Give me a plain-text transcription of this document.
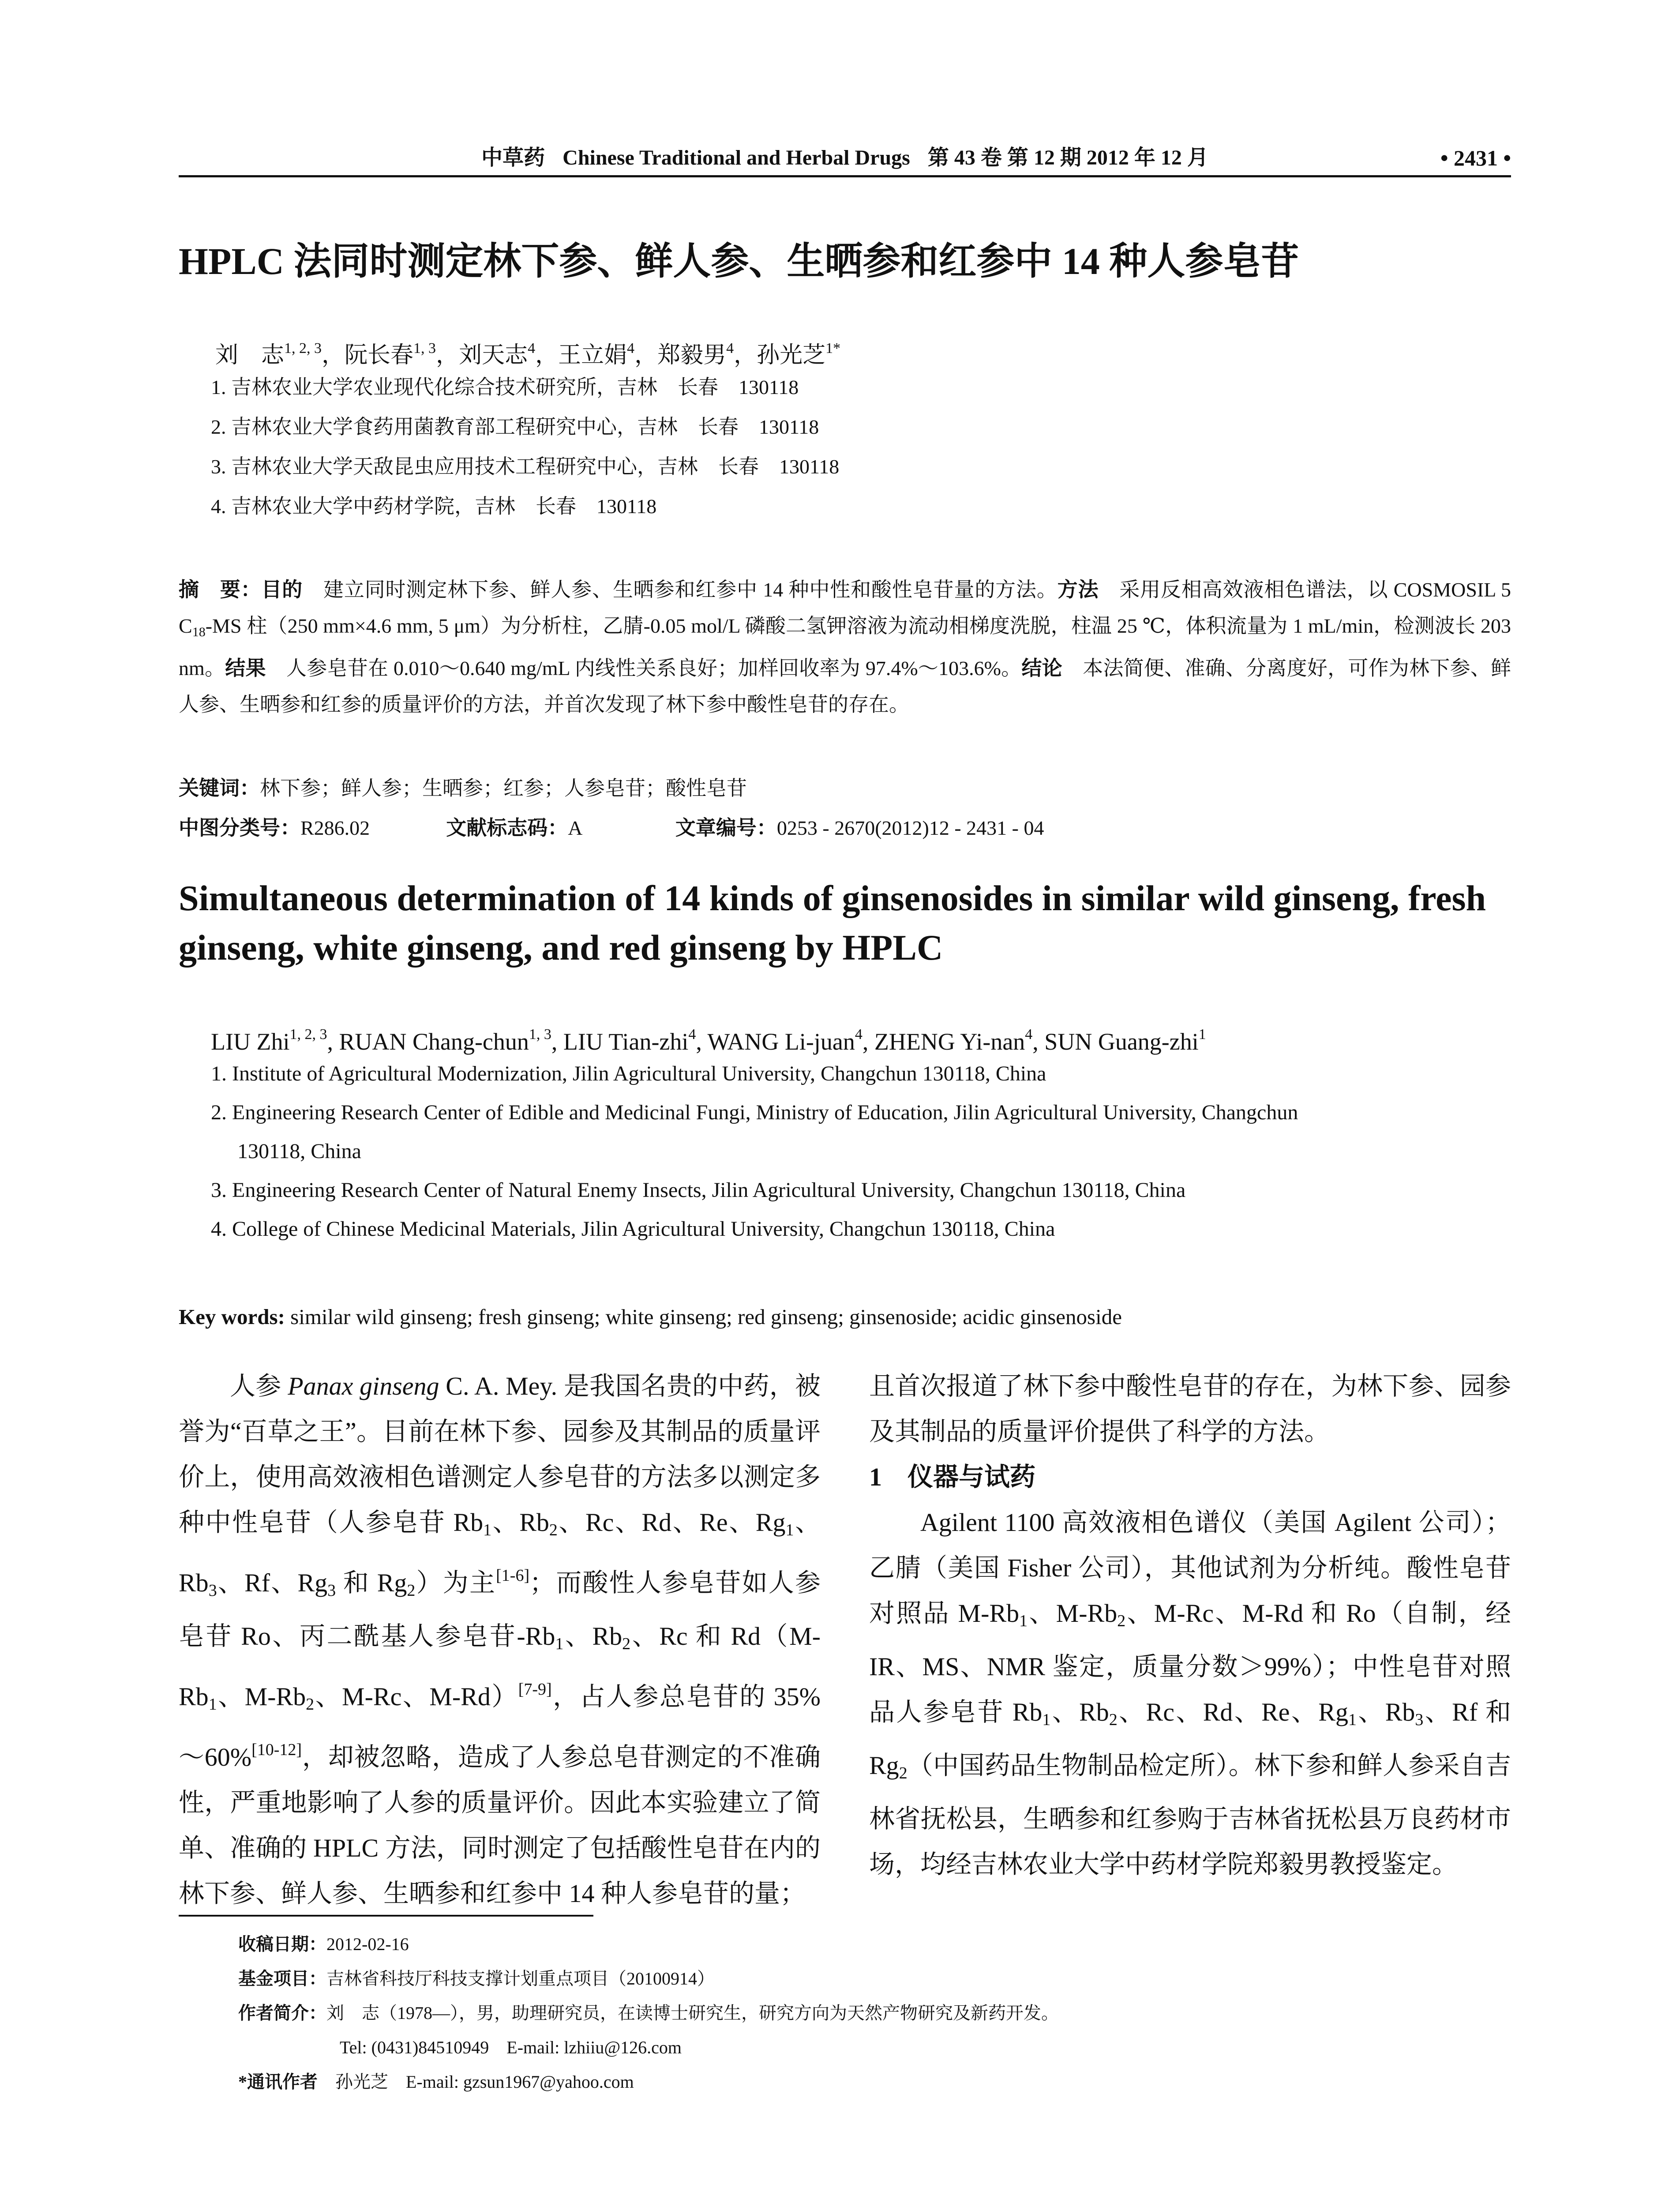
中草药 Chinese Traditional and Herbal Drugs 第 43 卷 第 12 期 2012 年 12 月	• 2431 •
HPLC 法同时测定林下参、鲜人参、生晒参和红参中 14 种人参皂苷
刘　志$^{1, 2, 3}$，阮长春$^{1, 3}$，刘天志$^4$，王立娟$^4$，郑毅男$^4$，孙光芝$^{1*}$
1. 吉林农业大学农业现代化综合技术研究所，吉林　长春　130118
2. 吉林农业大学食药用菌教育部工程研究中心，吉林　长春　130118
3. 吉林农业大学天敌昆虫应用技术工程研究中心，吉林　长春　130118
4. 吉林农业大学中药材学院，吉林　长春　130118
摘　要：目的　 建立同时测定林下参、鲜人参、生晒参和红参中 14 种中性和酸性皂苷量的方法。方法　 采用反相高效液相色谱法，以 COSMOSIL 5 $C_{18}-MS$ 柱（250 mm×4.6 mm, 5 μm）为分析柱，乙腈-0.05 mol/L 磷酸二氢钾溶液为流动相梯度洗脱，柱温 25 ℃，体积流量为 1 mL/min，检测波长 203 nm。结果　 人参皂苷在 0.010～0.640 mg/mL 内线性关系良好；加样回收率为 97.4%～103.6%。结论　 本法简便、准确、分离度好，可作为林下参、鲜人参、生晒参和红参的质量评价的方法，并首次发现了林下参中酸性皂苷的存在。
关键词：林下参；鲜人参；生晒参；红参；人参皂苷；酸性皂苷
中图分类号：R286.02	文献标志码：A	文章编号：0253 - 2670(2012)12 - 2431 - 04
Simultaneous determination of 14 kinds of ginsenosides in similar wild ginseng, fresh ginseng, white ginseng, and red ginseng by HPLC
LIU Zhi$^{1, 2, 3}$, RUAN Chang-chun$^{1, 3}$, LIU Tian-zhi$^4$, WANG Li-juan$^4$, ZHENG Yi-nan$^4$, SUN Guang-zhi$^1$
1. Institute of Agricultural Modernization, Jilin Agricultural University, Changchun 130118, China
2. Engineering Research Center of Edible and Medicinal Fungi, Ministry of Education, Jilin Agricultural University, Changchun
130118, China
3. Engineering Research Center of Natural Enemy Insects, Jilin Agricultural University, Changchun 130118, China
4. College of Chinese Medicinal Materials, Jilin Agricultural University, Changchun 130118, China
Key words: similar wild ginseng; fresh ginseng; white ginseng; red ginseng; ginsenoside; acidic ginsenoside

人参 Panax ginseng C. A. Mey. 是我国名贵的中药，被誉为“百草之王”。目前在林下参、园参及其制品的质量评价上，使用高效液相色谱测定人参皂苷的方法多以测定多种中性皂苷（人参皂苷 $Rb_1$、$Rb_2$、Rc、Rd、Re、$Rg_1$、$Rb_3$、Rf、$Rg_3$ 和 $Rg_2$）为主[1-6]；而酸性人参皂苷如人参皂苷 Ro、丙二酰基人参皂苷$-Rb_1$、$Rb_2$、Rc 和 $Rd(M-Rb_1$、$M-Rb_2$、M-Rc、M-Rd）[7-9]，占人参总皂苷的 35%～60%[10-12]，却被忽略，造成了人参总皂苷测定的不准确性，严重地影响了人参的质量评价。因此本实验建立了简单、准确的 HPLC 方法，同时测定了包括酸性皂苷在内的林下参、鲜人参、生晒参和红参中 14 种人参皂苷的量；

且首次报道了林下参中酸性皂苷的存在，为林下参、园参及其制品的质量评价提供了科学的方法。

1　仪器与试药

Agilent 1100 高效液相色谱仪（美国 Agilent 公司）；乙腈（美国 Fisher 公司），其他试剂为分析纯。酸性皂苷对照品 $M-Rb_1$、$M-Rb_2$、M-Rc、M-Rd 和 Ro（自制，经 IR、MS、NMR 鉴定，质量分数＞99%）；中性皂苷对照品人参皂苷 $Rb_1$、$Rb_2$、Rc、Rd、Re、$Rg_1$、$Rb_3$、Rf 和 $Rg_2$（中国药品生物制品检定所）。林下参和鲜人参采自吉林省抚松县，生晒参和红参购于吉林省抚松县万良药材市场，均经吉林农业大学中药材学院郑毅男教授鉴定。

收稿日期：2012-02-16
基金项目：吉林省科技厅科技支撑计划重点项目（20100914）
作者简介：刘　志（1978—），男，助理研究员，在读博士研究生，研究方向为天然产物研究及新药开发。
Tel: (0431)84510949　E-mail: lzhiiu@126.com
*通讯作者　 孙光芝　E-mail: gzsun1967@yahoo.com
